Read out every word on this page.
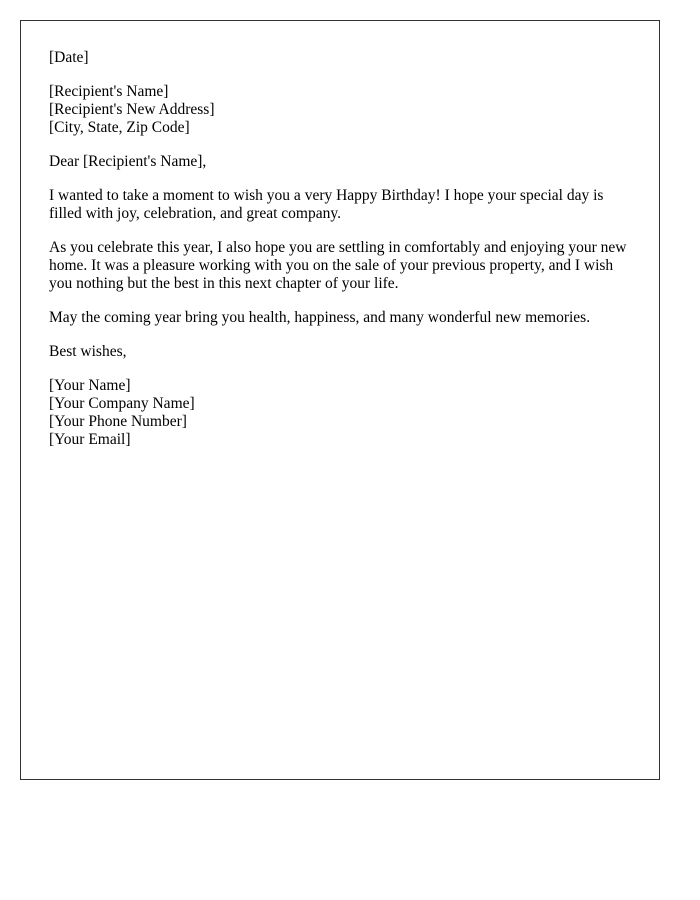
[Date]
[Recipient's Name]
[Recipient's New Address]
[City, State, Zip Code]
Dear [Recipient's Name],

I wanted to take a moment to wish you a very Happy Birthday! I hope your special day is filled with joy, celebration, and great company.

As you celebrate this year, I also hope you are settling in comfortably and enjoying your new home. It was a pleasure working with you on the sale of your previous property, and I wish you nothing but the best in this next chapter of your life.

May the coming year bring you health, happiness, and many wonderful new memories.

Best wishes,
[Your Name]
[Your Company Name]
[Your Phone Number]
[Your Email]
